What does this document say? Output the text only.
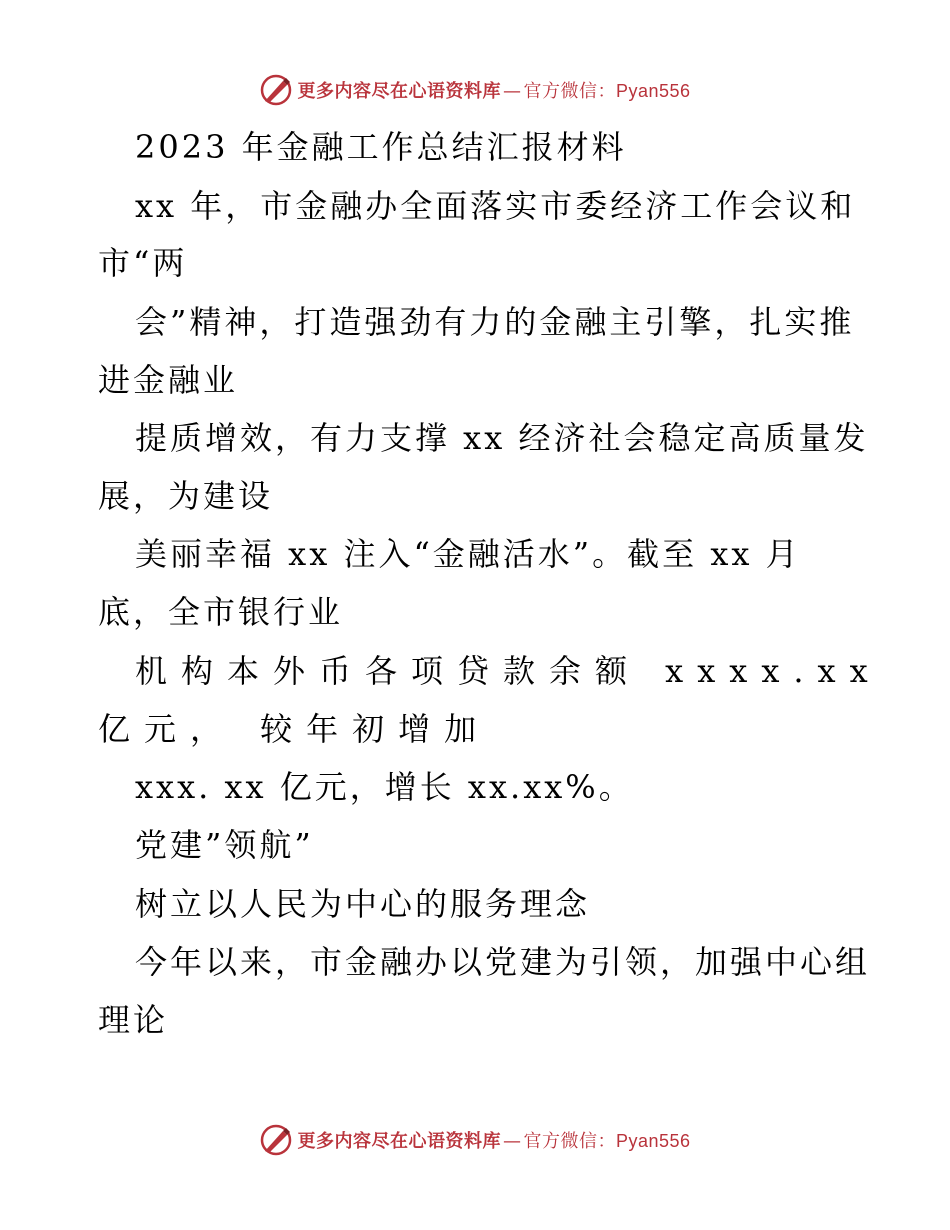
更多内容尽在心语资料库 — 官方微信：Pyan556
2023 年金融工作总结汇报材料
xx 年，市金融办全面落实市委经济工作会议和
市“两
会”精神，打造强劲有力的金融主引擎，扎实推
进金融业
提质增效，有力支撑 xx 经济社会稳定高质量发
展，为建设
美丽幸福 xx 注入“金融活水”。截至 xx 月
底，全市银行业
机构本外币各项贷款余额 xxxx.xx
亿元， 较年初增加
xxx. xx 亿元，增长 xx.xx%。
党建”领航”
树立以人民为中心的服务理念
今年以来，市金融办以党建为引领，加强中心组
理论
更多内容尽在心语资料库 — 官方微信：Pyan556
